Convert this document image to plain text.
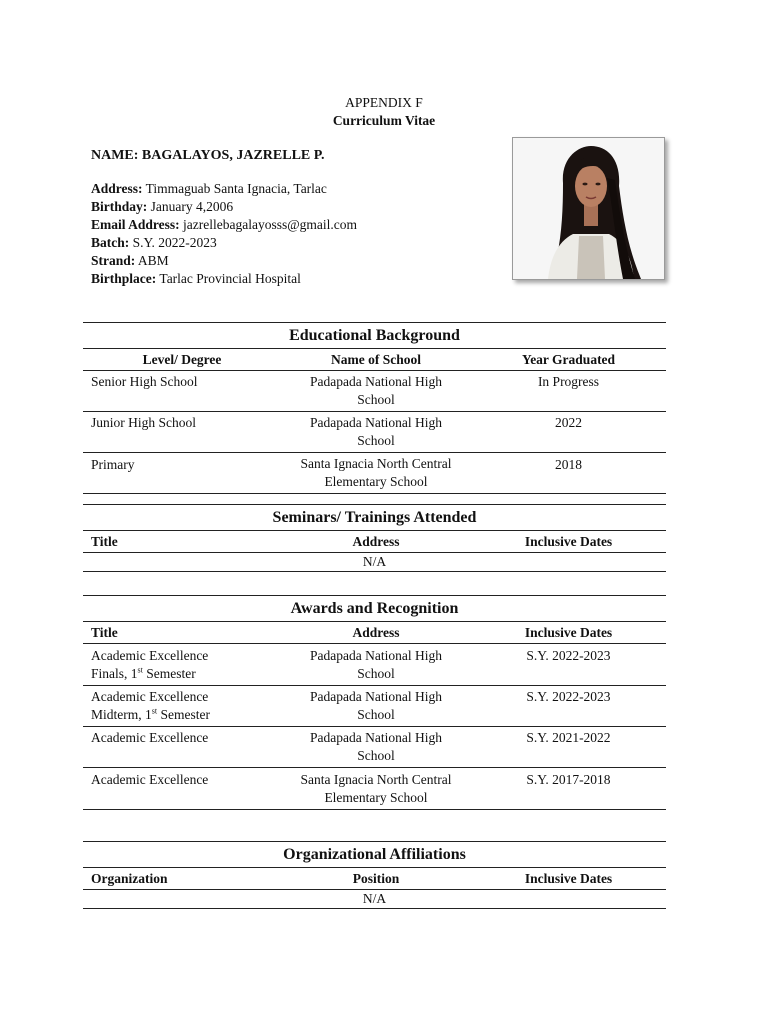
APPENDIX F
Curriculum Vitae
NAME: BAGALAYOS, JAZRELLE P.
Address: Timmaguab Santa Ignacia, Tarlac
Birthday: January 4,2006
Email Address: jazrellebagalayosss@gmail.com
Batch: S.Y. 2022-2023
Strand: ABM
Birthplace: Tarlac Provincial Hospital
Educational Background
Level/ Degree	Name of School	Year Graduated
Senior High School	Padapada National High
School	In Progress
Junior High School	Padapada National High
School	2022
Primary	Santa Ignacia North Central
Elementary School	2018
Seminars/ Trainings Attended
Title	Address	Inclusive Dates
N/A
Awards and Recognition
Title	Address	Inclusive Dates
Academic Excellence
Finals, 1st Semester	Padapada National High
School	S.Y. 2022-2023
Academic Excellence
Midterm, 1st Semester	Padapada National High
School	S.Y. 2022-2023
Academic Excellence	Padapada National High
School	S.Y. 2021-2022
Academic Excellence	Santa Ignacia North Central
Elementary School	S.Y. 2017-2018
Organizational Affiliations
Organization	Position	Inclusive Dates
N/A
